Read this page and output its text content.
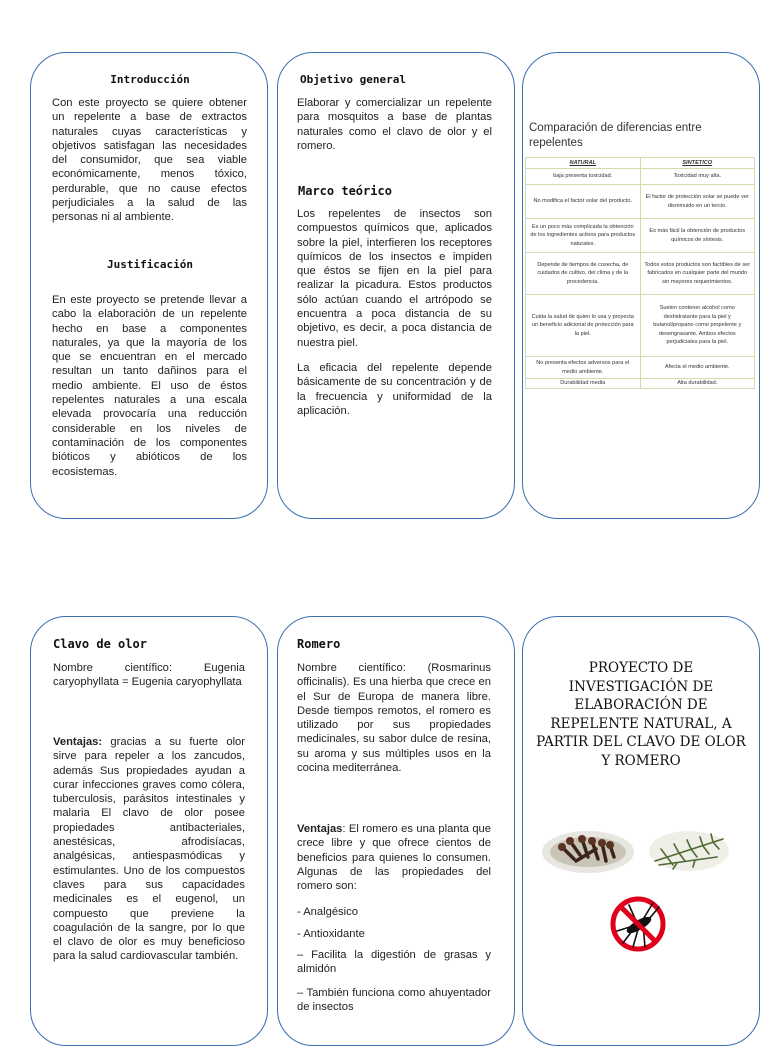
Introducción

Con este proyecto se quiere obtener un repelente a base de extractos naturales cuyas características y objetivos satisfagan las necesidades del consumidor, que sea viable económicamente, menos tóxico, perdurable, que no cause efectos perjudiciales a la salud de las personas ni al ambiente.

Justificación

En este proyecto se pretende llevar a cabo la elaboración de un repelente hecho en base a componentes naturales, ya que la mayoría de los que se encuentran en el mercado resultan un tanto dañinos para el medio ambiente. El uso de éstos repelentes naturales a una escala elevada provocaría una reducción considerable en los niveles de contaminación de los componentes bióticos y abióticos de los ecosistemas.

Objetivo general

Elaborar y comercializar un repelente para mosquitos a base de plantas naturales como el clavo de olor y el romero.

Marco teórico

Los repelentes de insectos son compuestos químicos que, aplicados sobre la piel, interfieren los receptores químicos de los insectos e impiden que éstos se fijen en la piel para realizar la picadura. Estos productos sólo actúan cuando el artrópodo se encuentra a poca distancia de su objetivo, es decir, a poca distancia de nuestra piel.

La eficacia del repelente depende básicamente de su concentración y de la frecuencia y uniformidad de la aplicación.

Comparación de diferencias entre repelentes

NATURAL	SINTETICO
baja presenta toxicidad.	Toxicidad muy alta.
No modifica el factor solar del producto.	El factor de protección solar se puede ver disminuido en un tercio.
Es un poco más complicada la obtención de los ingredientes activos para productos naturales.	Es más fácil la obtención de productos químicos de síntesis.
Depende de tiempos de cosecha, de cuidados de cultivo, del clima y de la procedencia.	Todos estos productos son factibles de ser fabricados en cualquier parte del mundo sin mayores requerimientos.
Cuida la salud de quien lo usa y proyecta un beneficio adicional de protección para la piel.	Suelen contener alcohol como deshidratante para la piel y butanol/propano como propelente y desengrasante. Ambos efectos perjudiciales para la piel.
No presenta efectos adversos para el medio ambiente.	Afecta el medio ambiente.
Durabilidad media	Alta durabilidad.
Clavo de olor

Nombre científico: Eugenia caryophyllata = Eugenia caryophyllata

Ventajas: gracias a su fuerte olor sirve para repeler a los zancudos, además Sus propiedades ayudan a curar infecciones graves como cólera, tuberculosis, parásitos intestinales y malaria El clavo de olor posee propiedades antibacteriales, anestésicas, afrodisíacas, analgésicas, antiespasmódicas y estimulantes. Uno de los compuestos claves para sus capacidades medicinales es el eugenol, un compuesto que previene la coagulación de la sangre, por lo que el clavo de olor es muy beneficioso para la salud cardiovascular también.

Romero

Nombre científico: (Rosmarinus officinalis). Es una hierba que crece en el Sur de Europa de manera libre. Desde tiempos remotos, el romero es utilizado por sus propiedades medicinales, su sabor dulce de resina, su aroma y sus múltiples usos en la cocina mediterránea.

Ventajas: El romero es una planta que crece libre y que ofrece cientos de beneficios para quienes lo consumen. Algunas de las propiedades del romero son:

- Analgésico

- Antioxidante

– Facilita la digestión de grasas y almidón

– También funciona como ahuyentador de insectos

PROYECTO DE INVESTIGACIÓN DE ELABORACIÓN DE REPELENTE NATURAL, A PARTIR DEL CLAVO DE OLOR Y ROMERO
